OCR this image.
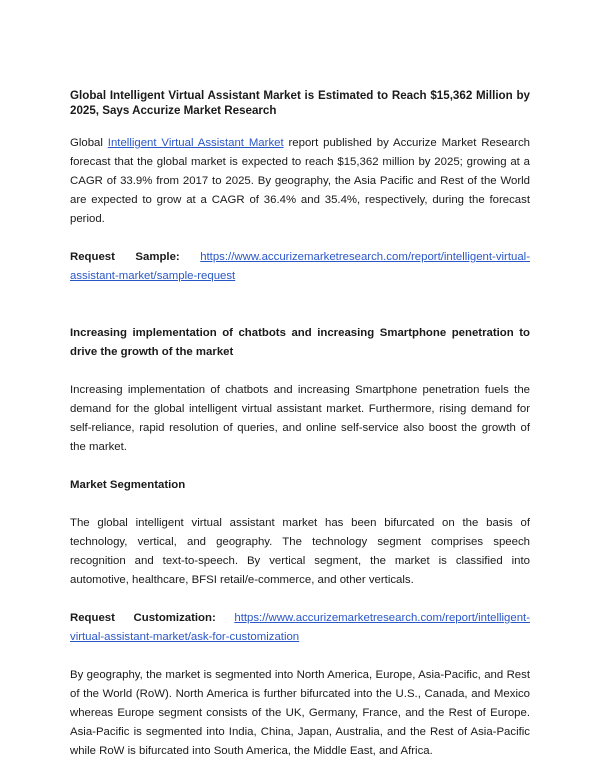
Global Intelligent Virtual Assistant Market is Estimated to Reach $15,362 Million by 2025, Says Accurize Market Research

Global Intelligent Virtual Assistant Market report published by Accurize Market Research forecast that the global market is expected to reach $15,362 million by 2025; growing at a CAGR of 33.9% from 2017 to 2025. By geography, the Asia Pacific and Rest of the World are expected to grow at a CAGR of 36.4% and 35.4%, respectively, during the forecast period.

Request Sample: https://www.accurizemarketresearch.com/report/intelligent-virtual-assistant-market/sample-request

Increasing implementation of chatbots and increasing Smartphone penetration to drive the growth of the market

Increasing implementation of chatbots and increasing Smartphone penetration fuels the demand for the global intelligent virtual assistant market. Furthermore, rising demand for self-reliance, rapid resolution of queries, and online self-service also boost the growth of the market.

Market Segmentation

The global intelligent virtual assistant market has been bifurcated on the basis of technology, vertical, and geography. The technology segment comprises speech recognition and text-to-speech. By vertical segment, the market is classified into automotive, healthcare, BFSI retail/e-commerce, and other verticals.

Request Customization: https://www.accurizemarketresearch.com/report/intelligent-virtual-assistant-market/ask-for-customization

By geography, the market is segmented into North America, Europe, Asia-Pacific, and Rest of the World (RoW). North America is further bifurcated into the U.S., Canada, and Mexico whereas Europe segment consists of the UK, Germany, France, and the Rest of Europe. Asia-Pacific is segmented into India, China, Japan, Australia, and the Rest of Asia-Pacific while RoW is bifurcated into South America, the Middle East, and Africa.
